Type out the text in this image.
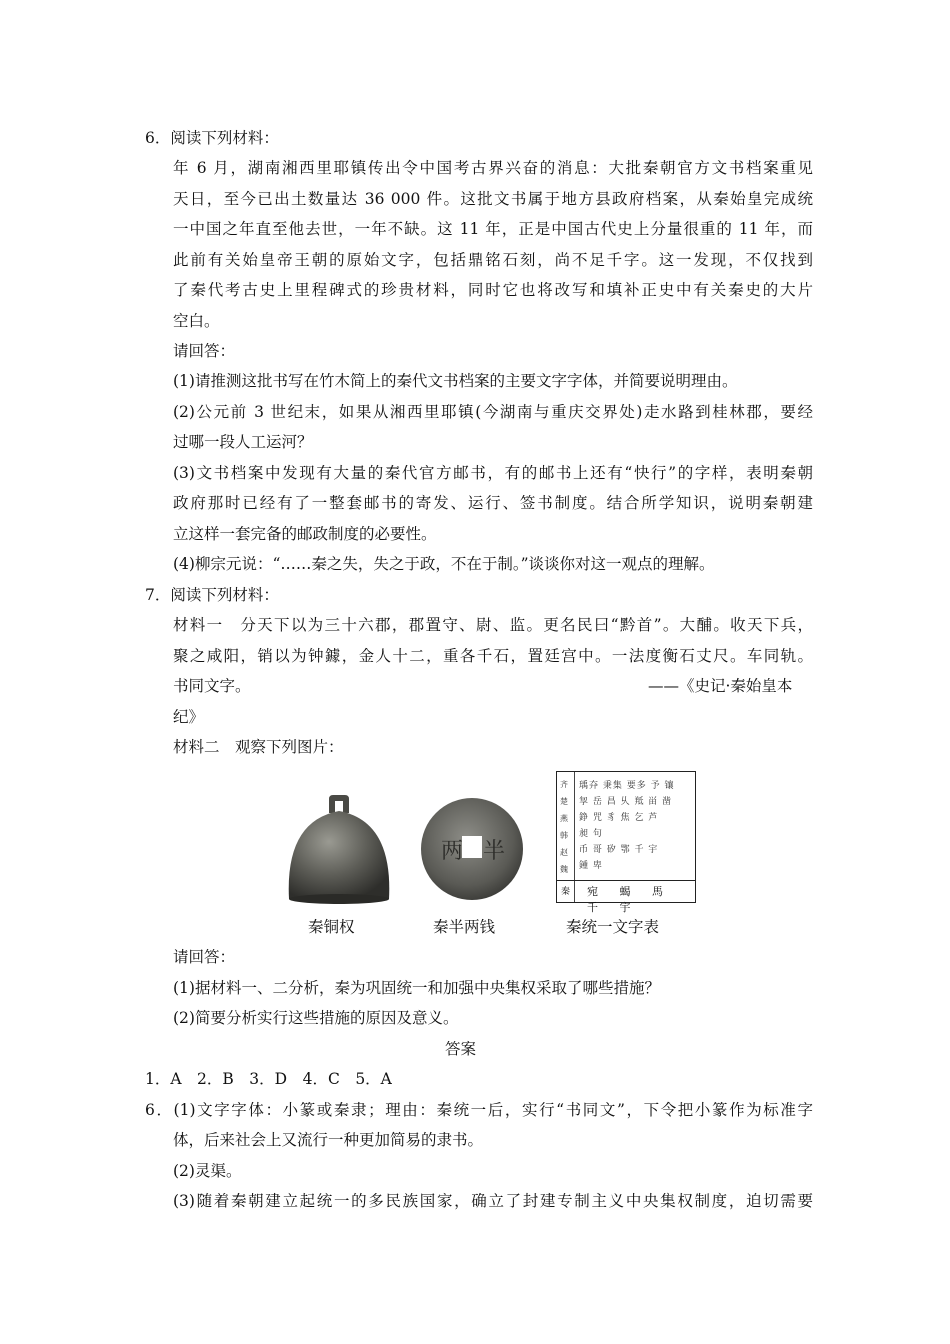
6．阅读下列材料：
年 6 月，湖南湘西里耶镇传出令中国考古界兴奋的消息：大批秦朝官方文书档案重见
天日，至今已出土数量达 36 000 件。这批文书属于地方县政府档案，从秦始皇完成统
一中国之年直至他去世，一年不缺。这 11 年，正是中国古代史上分量很重的 11 年，而
此前有关始皇帝王朝的原始文字，包括鼎铭石刻，尚不足千字。这一发现，不仅找到
了秦代考古史上里程碑式的珍贵材料，同时它也将改写和填补正史中有关秦史的大片
空白。
请回答：
(1)请推测这批书写在竹木简上的秦代文书档案的主要文字字体，并简要说明理由。
(2)公元前 3 世纪末，如果从湘西里耶镇(今湖南与重庆交界处)走水路到桂林郡，要经
过哪一段人工运河？
(3)文书档案中发现有大量的秦代官方邮书，有的邮书上还有“快行”的字样，表明秦朝
政府那时已经有了一整套邮书的寄发、运行、签书制度。结合所学知识，说明秦朝建
立这样一套完备的邮政制度的必要性。
(4)柳宗元说：“……秦之失，失之于政，不在于制。”谈谈你对这一观点的理解。
7．阅读下列材料：
材料一　分天下以为三十六郡，郡置守、尉、监。更名民曰“黔首”。大酺。收天下兵，
聚之咸阳，销以为钟鐻，金人十二，重各千石，置廷宫中。一法度衡石丈尺。车同轨。
书同文字。	——《史记·秦始皇本
纪》
材料二　观察下列图片：
两 半
齐
楚
燕
韩
赵
魏
瑀㚏 秉集 要多 予 镶
㝁 岳 昌 乆 羝 畄 凿
錚 咒 豸 焦 乞 芦
昶 句
币 哥 矽 鄂 千 宇
鍾 卑
秦 宛 蝎 馬 千 宇
秦铜权	秦半两钱	秦统一文字表
请回答：
(1)据材料一、二分析，秦为巩固统一和加强中央集权采取了哪些措施？
(2)简要分析实行这些措施的原因及意义。
答案
1．A　2．B　3．D　4．C　5．A
6．(1)文字字体：小篆或秦隶；理由：秦统一后，实行“书同文”，下令把小篆作为标准字
体，后来社会上又流行一种更加简易的隶书。
(2)灵渠。
(3)随着秦朝建立起统一的多民族国家，确立了封建专制主义中央集权制度，迫切需要
